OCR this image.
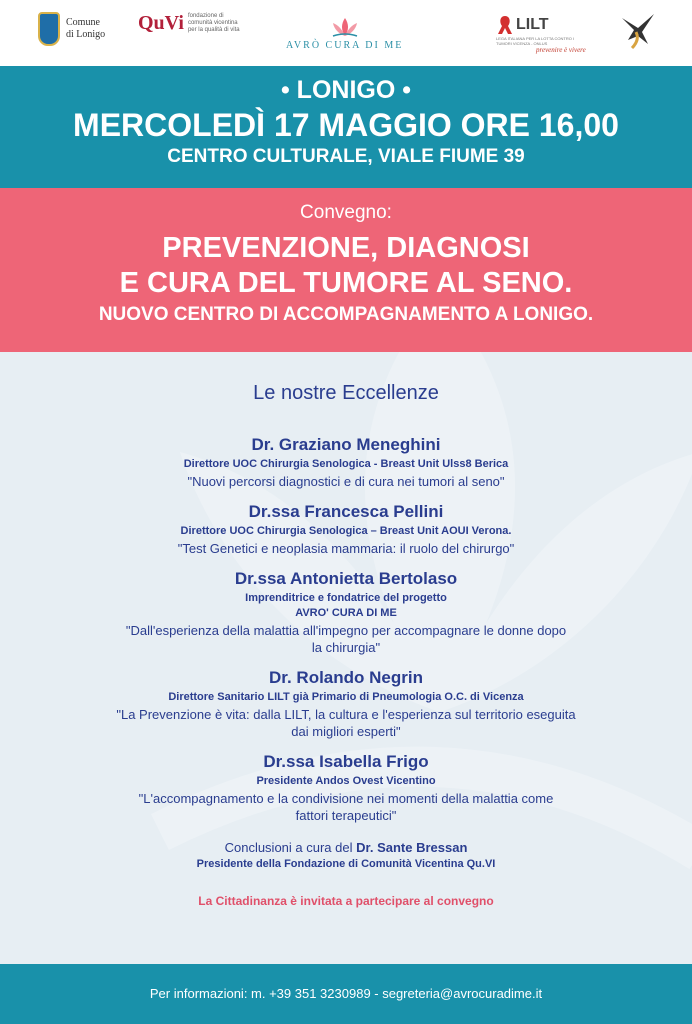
Comune
di Lonigo
QuVi fondazione di comunità vicentina per la qualità di vita
AVRÒ CURA DI ME
LILT
LEGA ITALIANA PER LA LOTTA CONTRO I TUMORI VICENZA - ONLUS
prevenire è vivere
• LONIGO •
MERCOLEDÌ 17 MAGGIO ORE 16,00
CENTRO CULTURALE, VIALE FIUME 39
Convegno:
PREVENZIONE, DIAGNOSI
E CURA DEL TUMORE AL SENO.
NUOVO CENTRO DI ACCOMPAGNAMENTO A LONIGO.
Le nostre Eccellenze
Dr. Graziano Meneghini
Direttore UOC Chirurgia Senologica - Breast Unit Ulss8 Berica
"Nuovi percorsi diagnostici e di cura nei tumori al seno"
Dr.ssa Francesca Pellini
Direttore UOC Chirurgia Senologica – Breast Unit AOUI Verona.
"Test Genetici e neoplasia mammaria: il ruolo del chirurgo"
Dr.ssa Antonietta Bertolaso
Imprenditrice e fondatrice del progetto
AVRO' CURA DI ME
"Dall'esperienza della malattia all'impegno per accompagnare le donne dopo
la chirurgia"
Dr. Rolando Negrin
Direttore Sanitario LILT già Primario di Pneumologia O.C. di Vicenza
"La Prevenzione è vita: dalla LILT, la cultura e l'esperienza sul territorio eseguita
dai migliori esperti"
Dr.ssa Isabella Frigo
Presidente Andos Ovest Vicentino
"L'accompagnamento e la condivisione nei momenti della malattia come
fattori terapeutici"
Conclusioni a cura del Dr. Sante Bressan
Presidente della Fondazione di Comunità Vicentina Qu.VI
La Cittadinanza è invitata a partecipare al convegno
Per informazioni: m. +39 351 3230989 - segreteria@avrocuradime.it
